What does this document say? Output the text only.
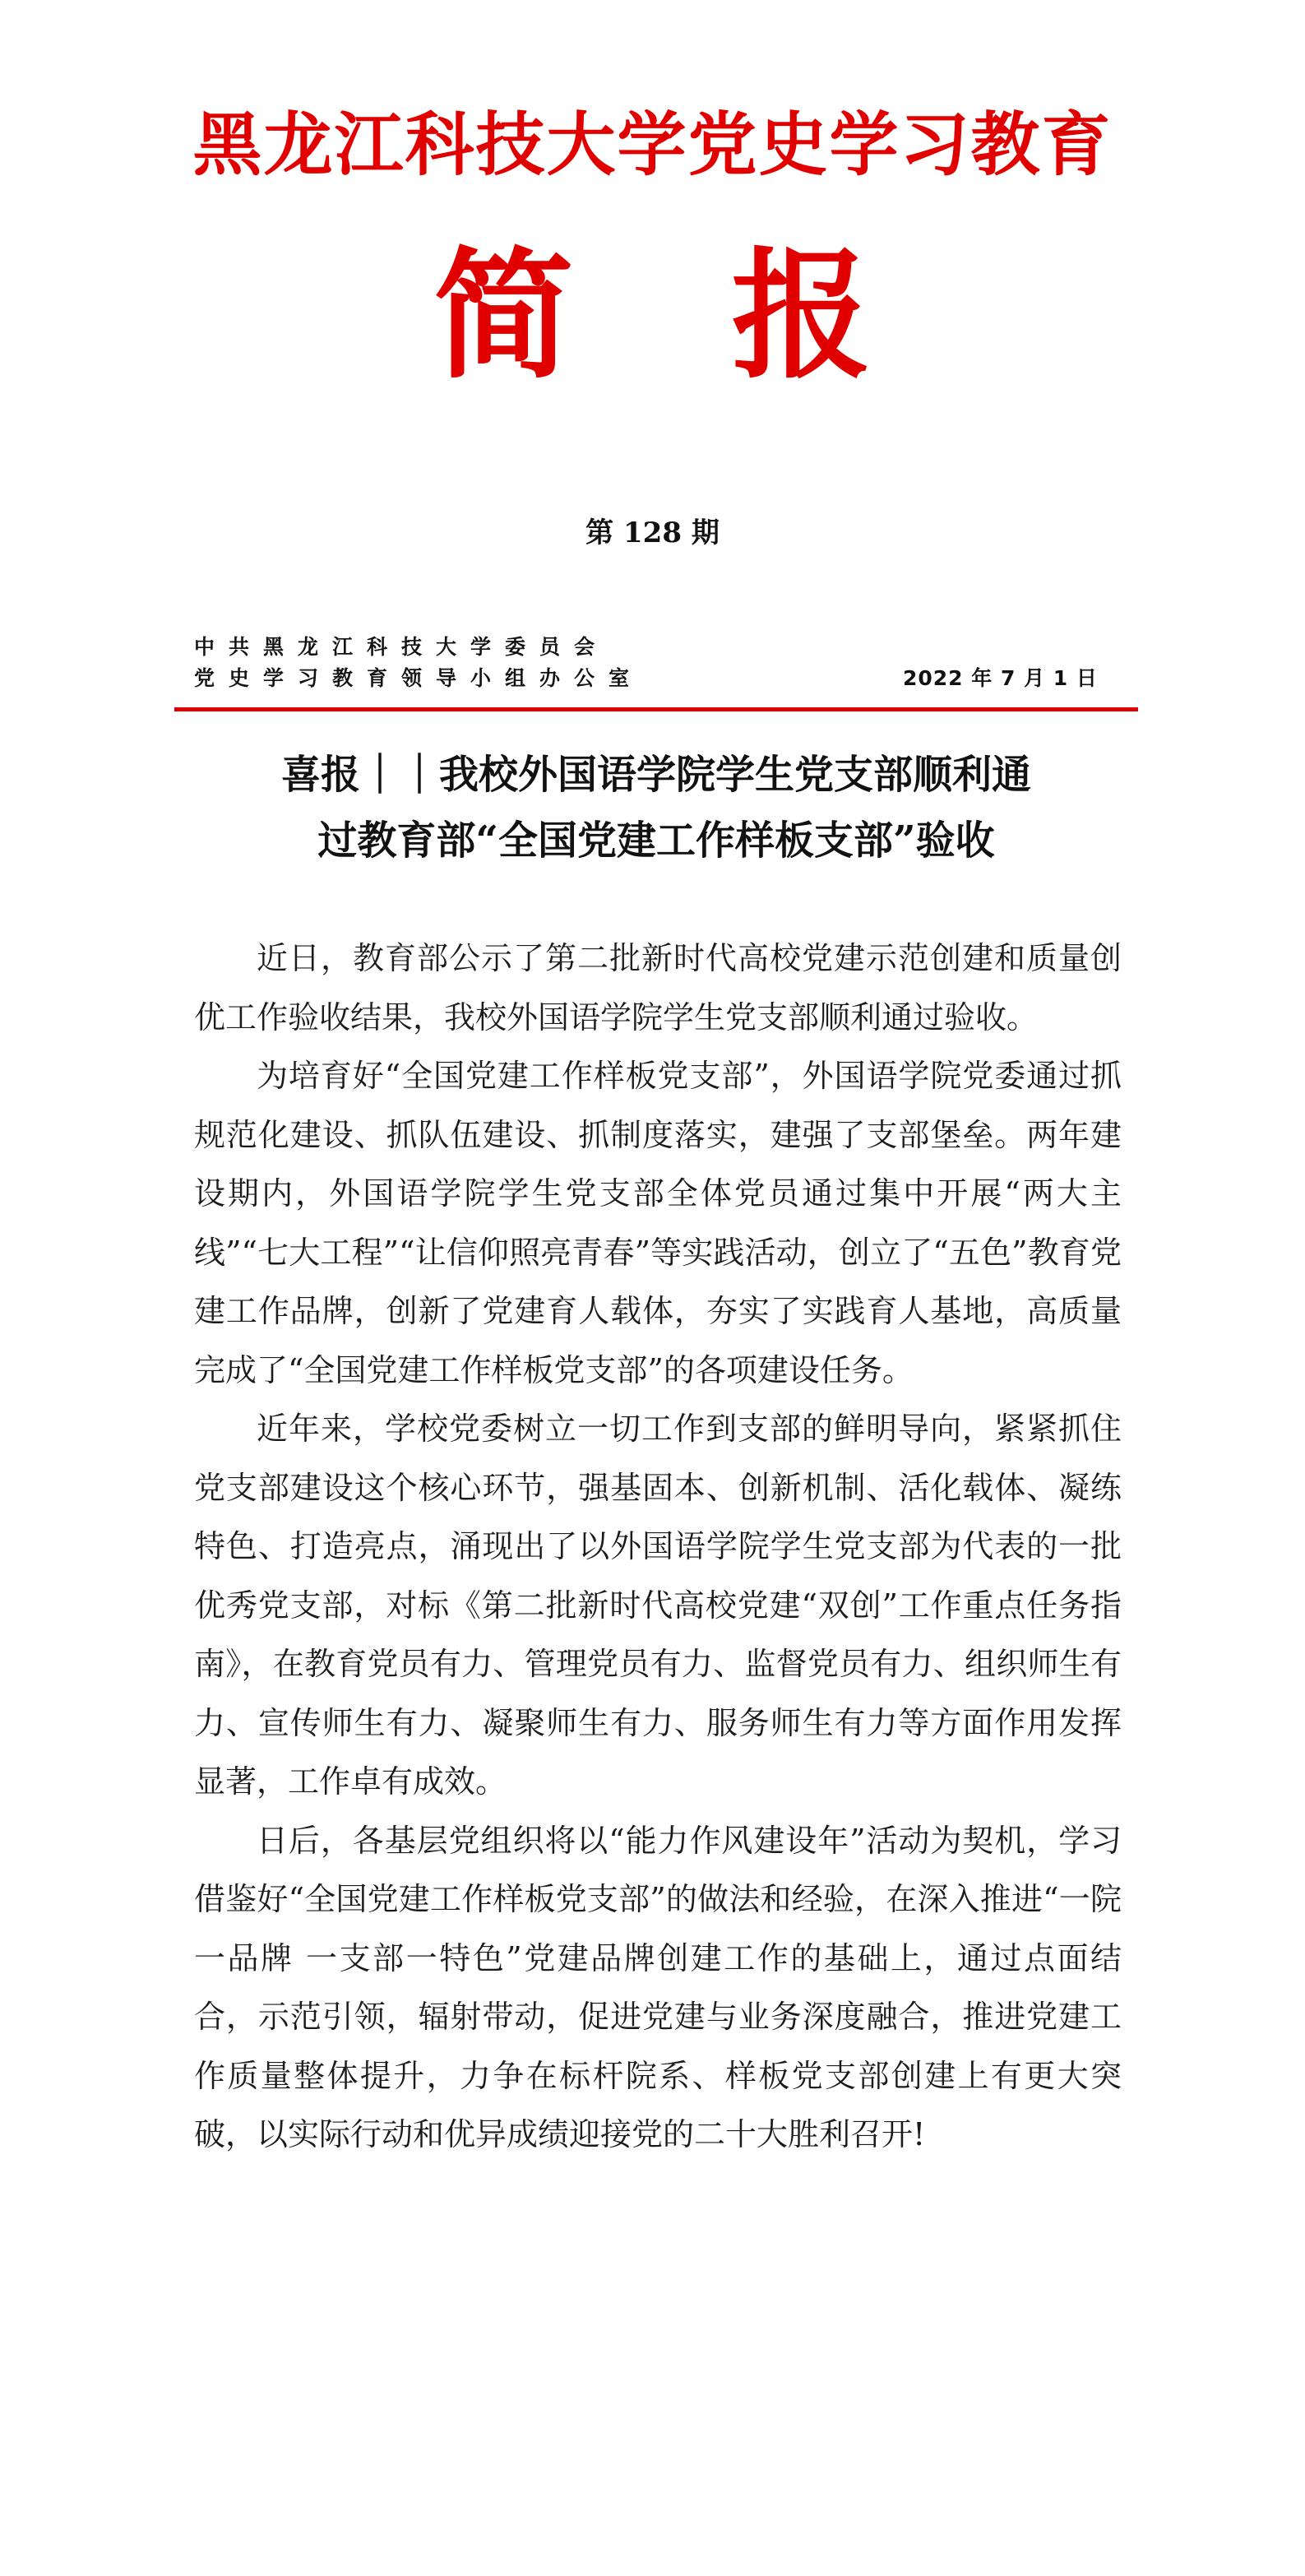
黑龙江科技大学党史学习教育
简 报
第 128 期
中共黑龙江科技大学委员会
党史学习教育领导小组办公室	2022 年 7 月 1 日
喜报｜｜我校外国语学院学生党支部顺利通
过教育部“全国党建工作样板支部”验收

近日，教育部公示了第二批新时代高校党建示范创建和质量创优工作验收结果，我校外国语学院学生党支部顺利通过验收。

为培育好“全国党建工作样板党支部”，外国语学院党委通过抓规范化建设、抓队伍建设、抓制度落实，建强了支部堡垒。两年建设期内，外国语学院学生党支部全体党员通过集中开展“两大主线”“七大工程”“让信仰照亮青春”等实践活动，创立了“五色”教育党建工作品牌，创新了党建育人载体，夯实了实践育人基地，高质量完成了“全国党建工作样板党支部”的各项建设任务。

近年来，学校党委树立一切工作到支部的鲜明导向，紧紧抓住党支部建设这个核心环节，强基固本、创新机制、活化载体、凝练特色、打造亮点，涌现出了以外国语学院学生党支部为代表的一批优秀党支部，对标《第二批新时代高校党建“双创”工作重点任务指南》，在教育党员有力、管理党员有力、监督党员有力、组织师生有力、宣传师生有力、凝聚师生有力、服务师生有力等方面作用发挥显著，工作卓有成效。

日后，各基层党组织将以“能力作风建设年”活动为契机，学习借鉴好“全国党建工作样板党支部”的做法和经验，在深入推进“一院一品牌 一支部一特色”党建品牌创建工作的基础上，通过点面结合，示范引领，辐射带动，促进党建与业务深度融合，推进党建工作质量整体提升，力争在标杆院系、样板党支部创建上有更大突破，以实际行动和优异成绩迎接党的二十大胜利召开!
